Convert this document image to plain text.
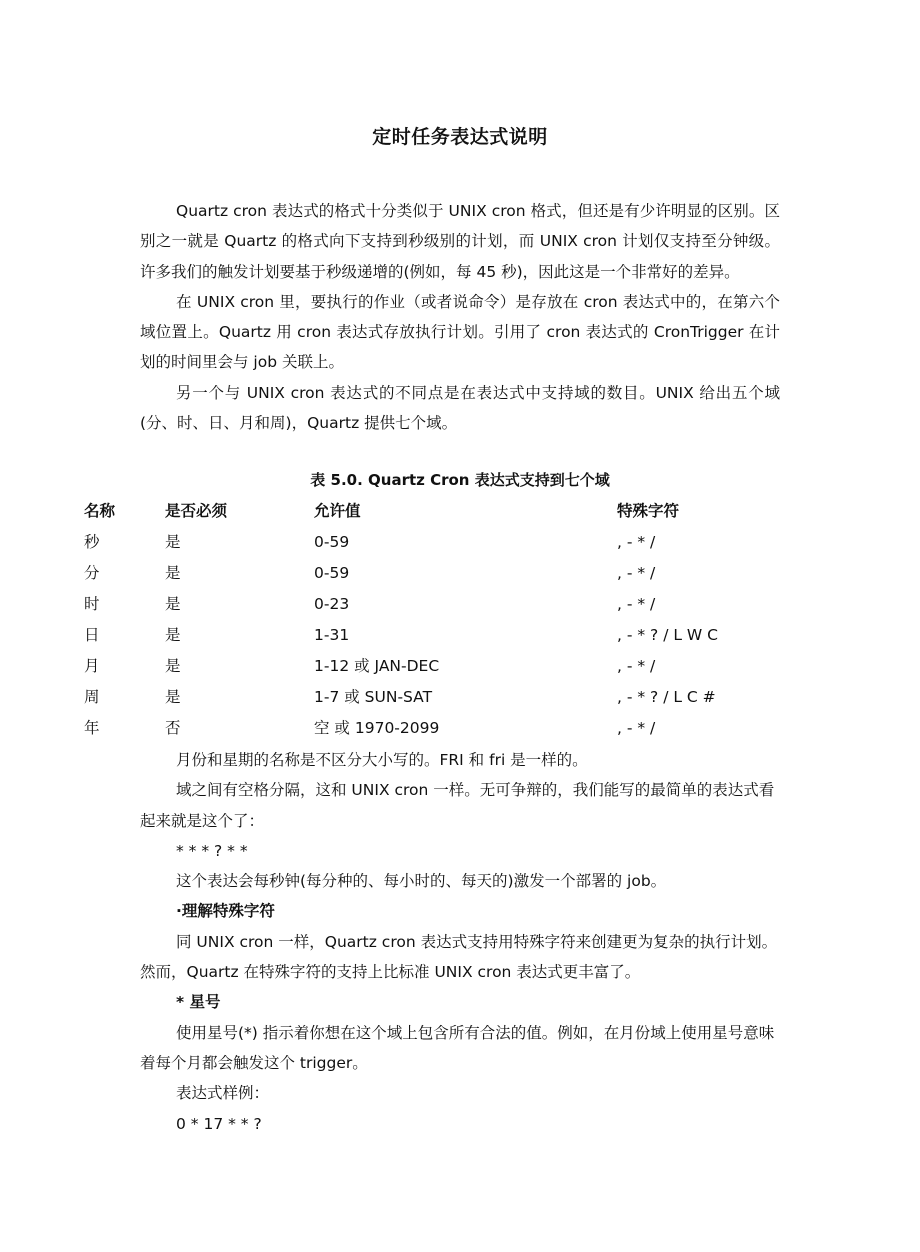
定时任务表达式说明

Quartz cron 表达式的格式十分类似于 UNIX cron 格式，但还是有少许明显的区别。区别之一就是 Quartz 的格式向下支持到秒级别的计划，而 UNIX cron 计划仅支持至分钟级。许多我们的触发计划要基于秒级递增的(例如，每 45 秒)，因此这是一个非常好的差异。

在 UNIX cron 里，要执行的作业（或者说命令）是存放在 cron 表达式中的，在第六个域位置上。Quartz 用 cron 表达式存放执行计划。引用了 cron 表达式的 CronTrigger 在计划的时间里会与 job 关联上。

另一个与 UNIX cron 表达式的不同点是在表达式中支持域的数目。UNIX 给出五个域(分、时、日、月和周)，Quartz 提供七个域。

表 5.0. Quartz Cron 表达式支持到七个域
名称	是否必须	允许值	特殊字符
秒	是	0-59	, - * /
分	是	0-59	, - * /
时	是	0-23	, - * /
日	是	1-31	, - * ? / L W C
月	是	1-12 或 JAN-DEC	, - * /
周	是	1-7 或 SUN-SAT	, - * ? / L C #
年	否	空 或 1970-2099	, - * /

月份和星期的名称是不区分大小写的。FRI 和 fri 是一样的。

域之间有空格分隔，这和 UNIX cron 一样。无可争辩的，我们能写的最简单的表达式看起来就是这个了：

* * * ? * *

这个表达会每秒钟(每分种的、每小时的、每天的)激发一个部署的 job。

·理解特殊字符

同 UNIX cron 一样，Quartz cron 表达式支持用特殊字符来创建更为复杂的执行计划。然而，Quartz 在特殊字符的支持上比标准 UNIX cron 表达式更丰富了。

* 星号

使用星号(*) 指示着你想在这个域上包含所有合法的值。例如，在月份域上使用星号意味着每个月都会触发这个 trigger。

表达式样例：

0 * 17 * * ?
